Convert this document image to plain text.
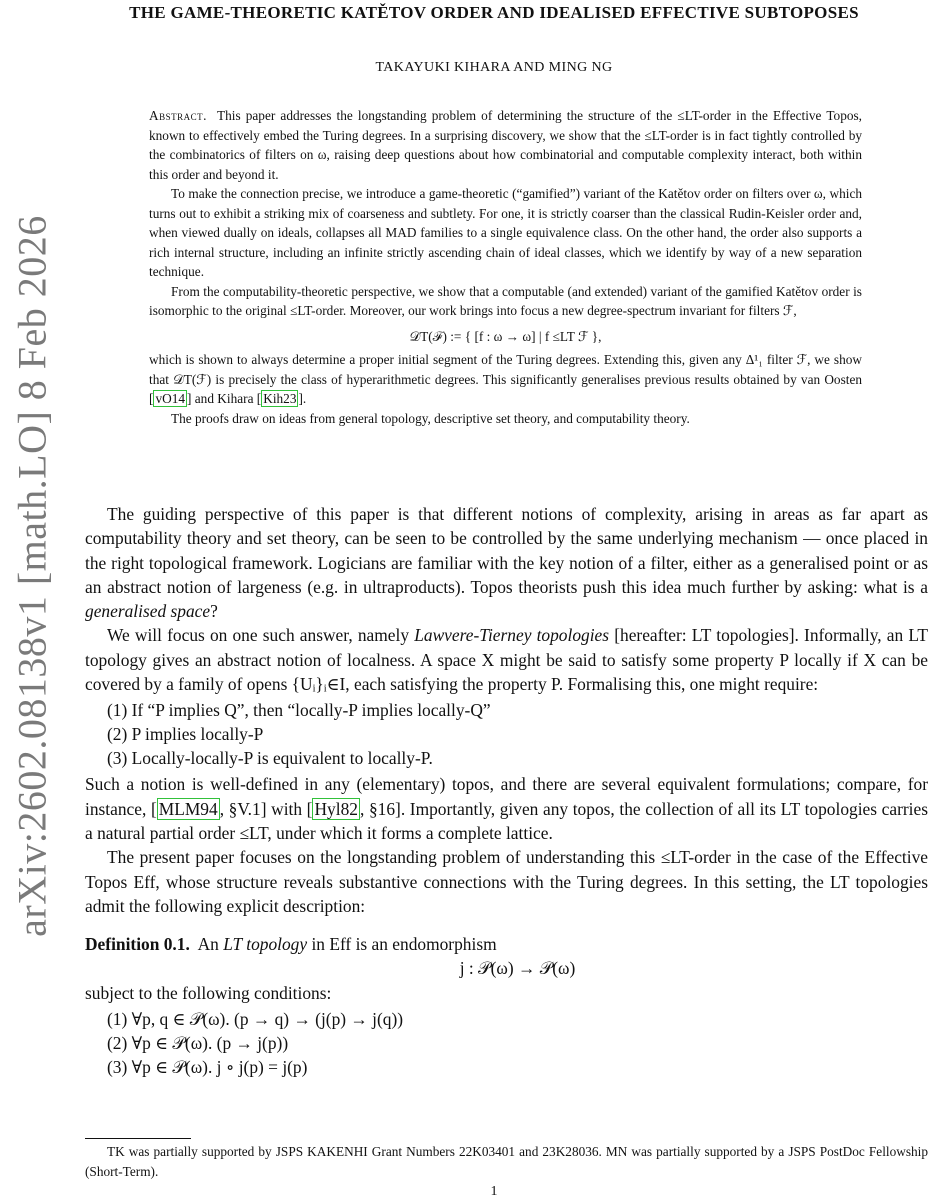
arXiv:2602.08138v1 [math.LO] 8 Feb 2026
THE GAME-THEORETIC KATĚTOV ORDER AND IDEALISED EFFECTIVE SUBTOPOSES
TAKAYUKI KIHARA AND MING NG

Abstract. This paper addresses the longstanding problem of determining the structure of the ≤LT-order in the Effective Topos, known to effectively embed the Turing degrees. In a surprising discovery, we show that the ≤LT-order is in fact tightly controlled by the combinatorics of filters on ω, raising deep questions about how combinatorial and computable complexity interact, both within this order and beyond it.

To make the connection precise, we introduce a game-theoretic (“gamified”) variant of the Katětov order on filters over ω, which turns out to exhibit a striking mix of coarseness and subtlety. For one, it is strictly coarser than the classical Rudin-Keisler order and, when viewed dually on ideals, collapses all MAD families to a single equivalence class. On the other hand, the order also supports a rich internal structure, including an infinite strictly ascending chain of ideal classes, which we identify by way of a new separation technique.

From the computability-theoretic perspective, we show that a computable (and extended) variant of the gamified Katětov order is isomorphic to the original ≤LT-order. Moreover, our work brings into focus a new degree-spectrum invariant for filters ℱ,

𝒟T(ℱ) := { [f : ω → ω] | f ≤LT ℱ },

which is shown to always determine a proper initial segment of the Turing degrees. Extending this, given any Δ¹₁ filter ℱ, we show that 𝒟T(ℱ) is precisely the class of hyperarithmetic degrees. This significantly generalises previous results obtained by van Oosten [ vO14 ] and Kihara [ Kih23 ].

The proofs draw on ideas from general topology, descriptive set theory, and computability theory.

The guiding perspective of this paper is that different notions of complexity, arising in areas as far apart as computability theory and set theory, can be seen to be controlled by the same underlying mechanism — once placed in the right topological framework. Logicians are familiar with the key notion of a filter, either as a generalised point or as an abstract notion of largeness (e.g. in ultraproducts). Topos theorists push this idea much further by asking: what is a generalised space?

We will focus on one such answer, namely Lawvere-Tierney topologies [hereafter: LT topologies]. Informally, an LT topology gives an abstract notion of localness. A space X might be said to satisfy some property P locally if X can be covered by a family of opens {Uᵢ}ᵢ∈I, each satisfying the property P. Formalising this, one might require:

(1) If “P implies Q”, then “locally-P implies locally-Q”
(2) P implies locally-P
(3) Locally-locally-P is equivalent to locally-P.

Such a notion is well-defined in any (elementary) topos, and there are several equivalent formulations; compare, for instance, [ MLM94 , §V.1] with [ Hyl82 , §16]. Importantly, given any topos, the collection of all its LT topologies carries a natural partial order ≤LT, under which it forms a complete lattice.

The present paper focuses on the longstanding problem of understanding this ≤LT-order in the case of the Effective Topos Eff, whose structure reveals substantive connections with the Turing degrees. In this setting, the LT topologies admit the following explicit description:

Definition 0.1. An LT topology in Eff is an endomorphism

j : 𝒫(ω) → 𝒫(ω)

subject to the following conditions:

(1) ∀p, q ∈ 𝒫(ω). (p → q) → (j(p) → j(q))
(2) ∀p ∈ 𝒫(ω). (p → j(p))
(3) ∀p ∈ 𝒫(ω). j ∘ j(p) = j(p)
TK was partially supported by JSPS KAKENHI Grant Numbers 22K03401 and 23K28036. MN was partially supported by a JSPS PostDoc Fellowship (Short-Term).
1
